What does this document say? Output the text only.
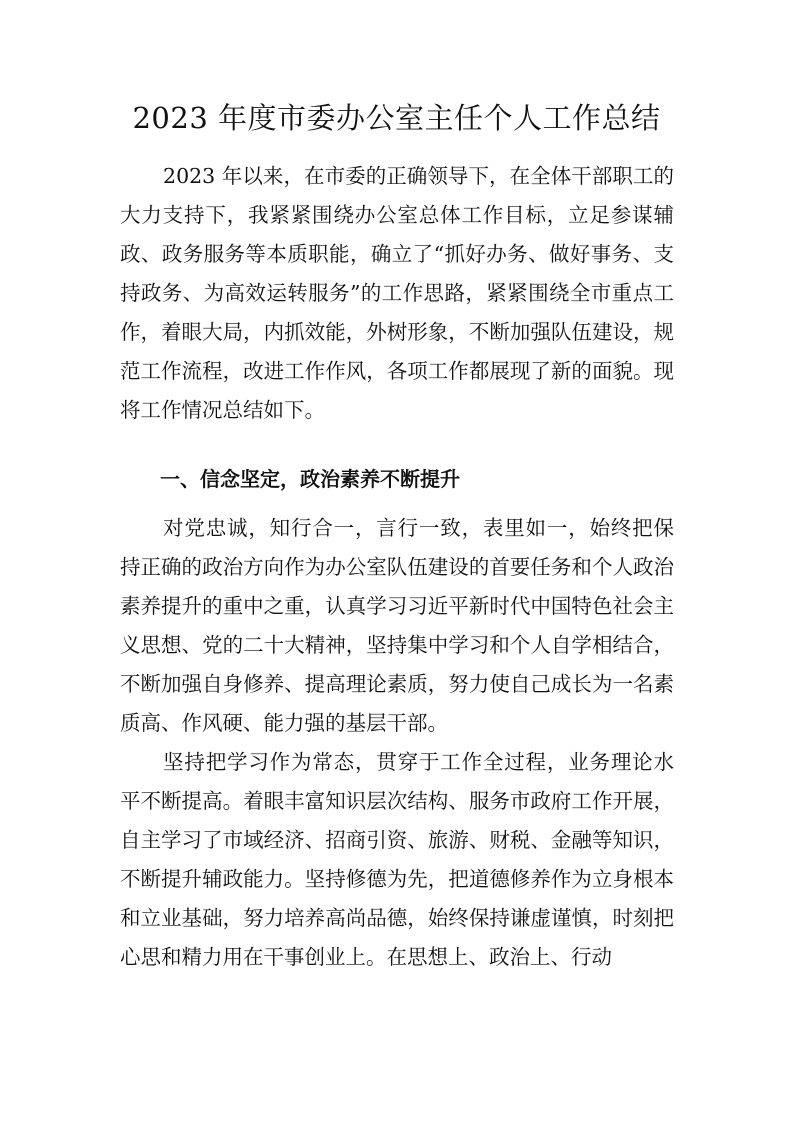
2023 年度市委办公室主任个人工作总结

2023 年以来，在市委的正确领导下，在全体干部职工的大力支持下，我紧紧围绕办公室总体工作目标，立足参谋辅政、政务服务等本质职能，确立了“抓好办务、做好事务、支持政务、为高效运转服务”的工作思路，紧紧围绕全市重点工作，着眼大局，内抓效能，外树形象，不断加强队伍建设，规范工作流程，改进工作作风，各项工作都展现了新的面貌。现将工作情况总结如下。

一、信念坚定，政治素养不断提升

对党忠诚，知行合一，言行一致，表里如一，始终把保持正确的政治方向作为办公室队伍建设的首要任务和个人政治素养提升的重中之重，认真学习习近平新时代中国特色社会主义思想、党的二十大精神，坚持集中学习和个人自学相结合，不断加强自身修养、提高理论素质，努力使自己成长为一名素质高、作风硬、能力强的基层干部。

坚持把学习作为常态，贯穿于工作全过程，业务理论水平不断提高。着眼丰富知识层次结构、服务市政府工作开展，自主学习了市域经济、招商引资、旅游、财税、金融等知识，不断提升辅政能力。坚持修德为先，把道德修养作为立身根本和立业基础，努力培养高尚品德，始终保持谦虚谨慎，时刻把心思和精力用在干事创业上。在思想上、政治上、行动
